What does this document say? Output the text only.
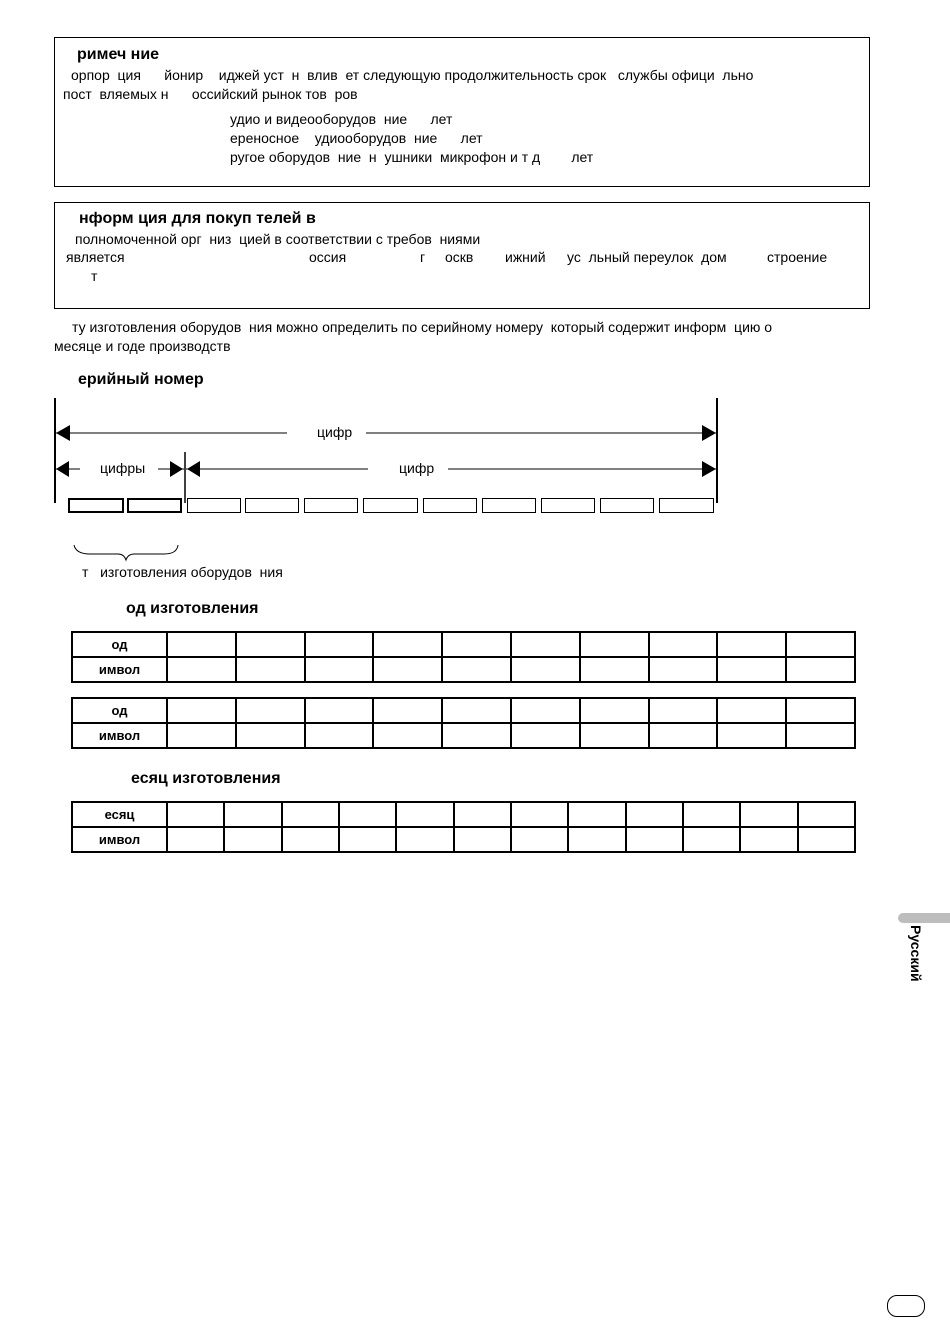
римеч ние
орпор  ция      йонир    иджей уст  н  влив  ет следующую продолжительность срок   службы офици  льно
пост  вляемых н      оссийский рынок тов  ров
удио и видеооборудов  ние      лет
ереносное    удиооборудов  ние      лет
ругое оборудов  ние  н  ушники  микрофон и т д        лет
нформ ция для покуп телей в
полномоченной орг  низ  цией в соответствии с требов  ниями
является	оссия	г оскв ижний ус  льный переулок  дом	строение
т
ту изготовления оборудов  ния можно определить по серийному номеру  который содержит информ  цию о
месяце и годе производств
ерийный номер
цифр
цифры	цифр
т   изготовления оборудов  ния
од изготовления
од										
имвол										
од										
имвол										
есяц изготовления
есяц												
имвол												
Русский
